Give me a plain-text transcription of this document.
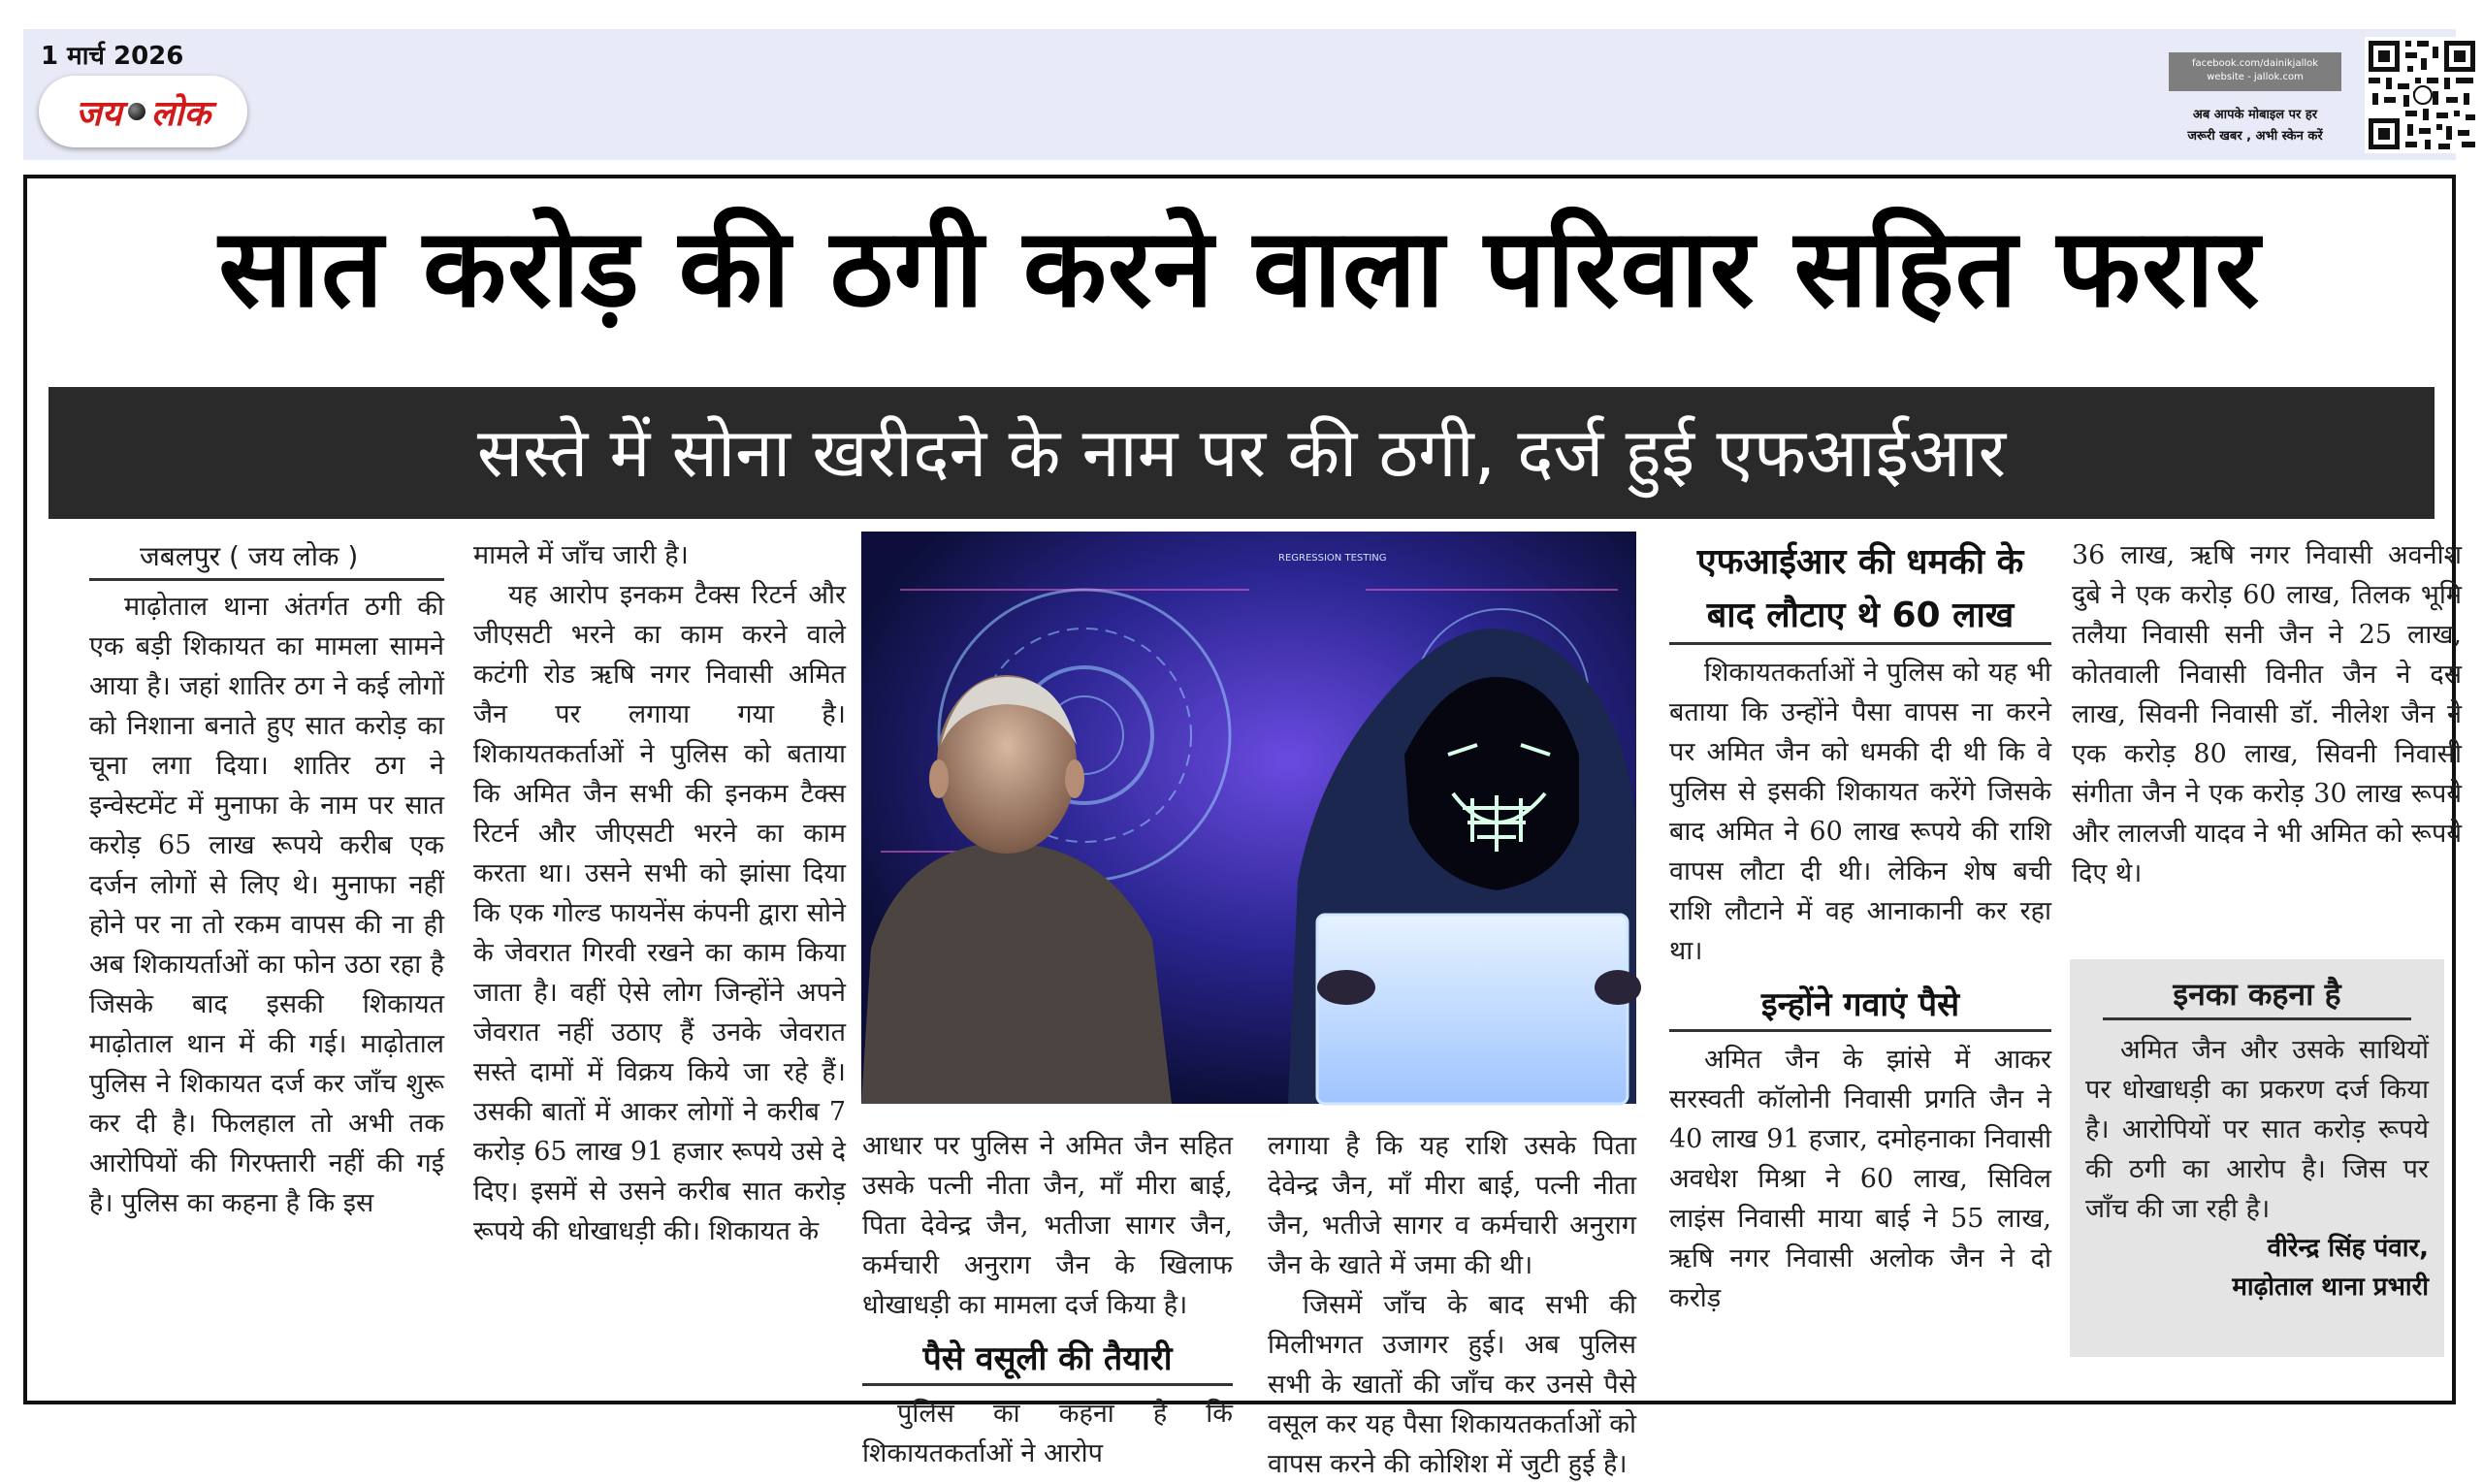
1 मार्च 2026
जय लोक
facebook.com/dainikjallok
website - jallok.com
अब आपके मोबाइल पर हर
जरूरी खबर , अभी स्केन करें
सात करोड़ की ठगी करने वाला परिवार सहित फरार
सस्ते में सोना खरीदने के नाम पर की ठगी, दर्ज हुई एफआईआर
जबलपुर ( जय लोक )

माढ़ोताल थाना अंतर्गत ठगी की एक बड़ी शिकायत का मामला सामने आया है। जहां शातिर ठग ने कई लोगों को निशाना बनाते हुए सात करोड़ का चूना लगा दिया। शातिर ठग ने इन्वेस्टमेंट में मुनाफा के नाम पर सात करोड़ 65 लाख रूपये करीब एक दर्जन लोगों से लिए थे। मुनाफा नहीं होने पर ना तो रकम वापस की ना ही अब शिकायर्ताओं का फोन उठा रहा है जिसके बाद इसकी शिकायत माढ़ोताल थान में की गई। माढ़ोताल पुलिस ने शिकायत दर्ज कर जाँच शुरू कर दी है। फिलहाल तो अभी तक आरोपियों की गिरफ्तारी नहीं की गई है। पुलिस का कहना है कि इस

मामले में जाँच जारी है।

यह आरोप इनकम टैक्स रिटर्न और जीएसटी भरने का काम करने वाले कटंगी रोड ऋषि नगर निवासी अमित जैन पर लगाया गया है। शिकायतकर्ताओं ने पुलिस को बताया कि अमित जैन सभी की इनकम टैक्स रिटर्न और जीएसटी भरने का काम करता था। उसने सभी को झांसा दिया कि एक गोल्ड फायनेंस कंपनी द्वारा सोने के जेवरात गिरवी रखने का काम किया जाता है। वहीं ऐसे लोग जिन्होंने अपने जेवरात नहीं उठाए हैं उनके जेवरात सस्ते दामों में विक्रय किये जा रहे हैं। उसकी बातों में आकर लोगों ने करीब 7 करोड़ 65 लाख 91 हजार रूपये उसे दे दिए। इसमें से उसने करीब सात करोड़ रूपये की धोखाधड़ी की। शिकायत के

REGRESSION TESTING

आधार पर पुलिस ने अमित जैन सहित उसके पत्नी नीता जैन, माँ मीरा बाई, पिता देवेन्द्र जैन, भतीजा सागर जैन, कर्मचारी अनुराग जैन के खिलाफ धोखाधड़ी का मामला दर्ज किया है।

पैसे वसूली की तैयारी

पुलिस का कहना है कि शिकायतकर्ताओं ने आरोप

लगाया है कि यह राशि उसके पिता देवेन्द्र जैन, माँ मीरा बाई, पत्नी नीता जैन, भतीजे सागर व कर्मचारी अनुराग जैन के खाते में जमा की थी।

जिसमें जाँच के बाद सभी की मिलीभगत उजागर हुई। अब पुलिस सभी के खातों की जाँच कर उनसे पैसे वसूल कर यह पैसा शिकायतकर्ताओं को वापस करने की कोशिश में जुटी हुई है।

एफआईआर की धमकी के
बाद लौटाए थे 60 लाख

शिकायतकर्ताओं ने पुलिस को यह भी बताया कि उन्होंने पैसा वापस ना करने पर अमित जैन को धमकी दी थी कि वे पुलिस से इसकी शिकायत करेंगे जिसके बाद अमित ने 60 लाख रूपये की राशि वापस लौटा दी थी। लेकिन शेष बची राशि लौटाने में वह आनाकानी कर रहा था।

इन्होंने गवाएं पैसे

अमित जैन के झांसे में आकर सरस्वती कॉलोनी निवासी प्रगति जैन ने 40 लाख 91 हजार, दमोहनाका निवासी अवधेश मिश्रा ने 60 लाख, सिविल लाइंस निवासी माया बाई ने 55 लाख, ऋषि नगर निवासी अलोक जैन ने दो करोड़

36 लाख, ऋषि नगर निवासी अवनीश दुबे ने एक करोड़ 60 लाख, तिलक भूमि तलैया निवासी सनी जैन ने 25 लाख, कोतवाली निवासी विनीत जैन ने दस लाख, सिवनी निवासी डॉ. नीलेश जैन ने एक करोड़ 80 लाख, सिवनी निवासी संगीता जैन ने एक करोड़ 30 लाख रूपये और लालजी यादव ने भी अमित को रूपये दिए थे।

इनका कहना है

अमित जैन और उसके साथियों पर धोखाधड़ी का प्रकरण दर्ज किया है। आरोपियों पर सात करोड़ रूपये की ठगी का आरोप है। जिस पर जाँच की जा रही है।

वीरेन्द्र सिंह पंवार,
माढ़ोताल थाना प्रभारी
